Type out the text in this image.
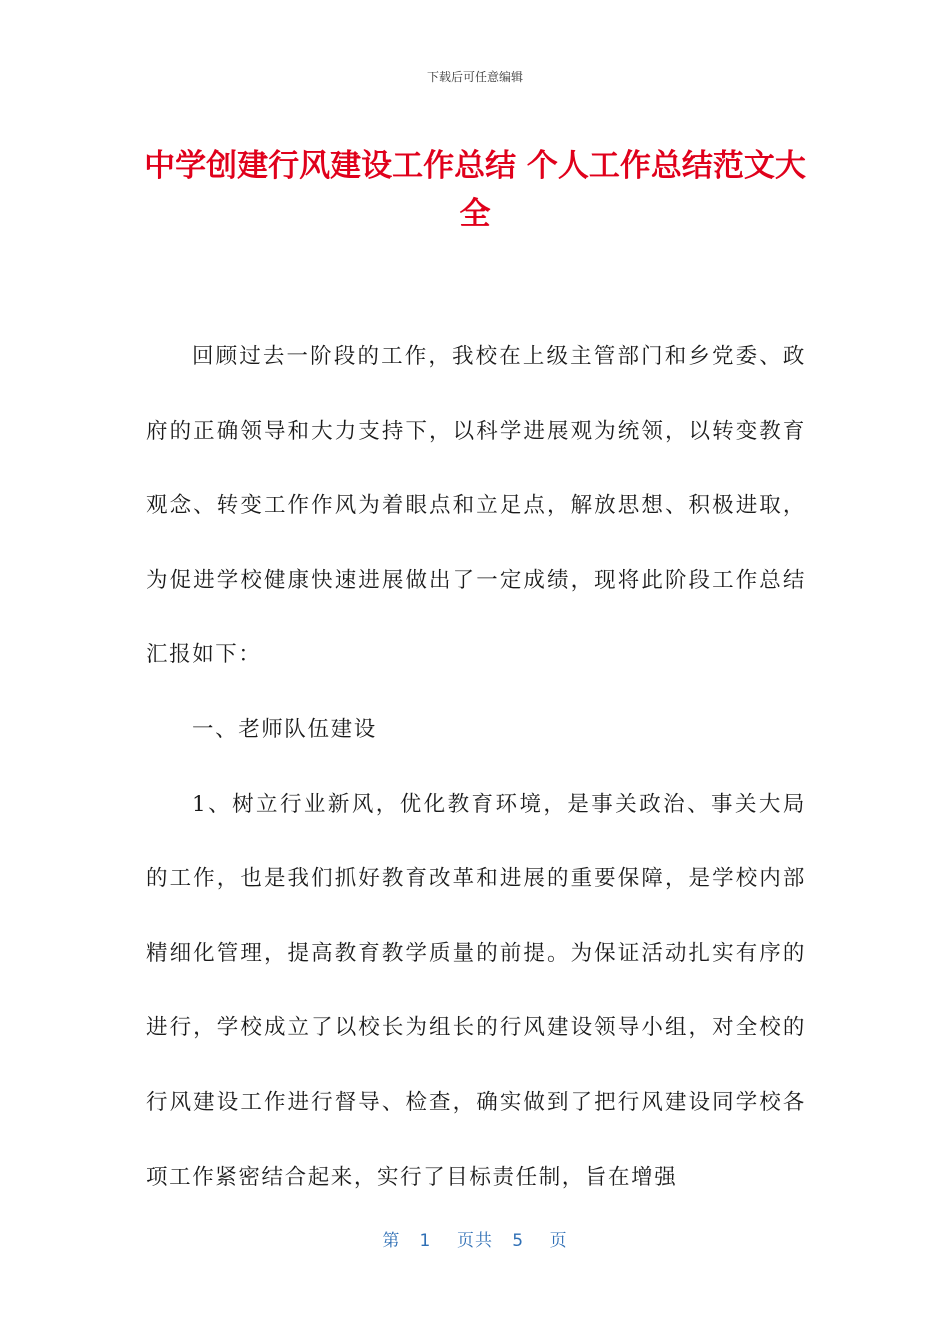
下载后可任意编辑
中学创建行风建设工作总结 个人工作总结范文大全

回顾过去一阶段的工作，我校在上级主管部门和乡党委、政府的正确领导和大力支持下，以科学进展观为统领，以转变教育观念、转变工作作风为着眼点和立足点，解放思想、积极进取，为促进学校健康快速进展做出了一定成绩，现将此阶段工作总结汇报如下：

一、老师队伍建设

1、树立行业新风，优化教育环境，是事关政治、事关大局的工作，也是我们抓好教育改革和进展的重要保障，是学校内部精细化管理，提高教育教学质量的前提。为保证活动扎实有序的进行，学校成立了以校长为组长的行风建设领导小组，对全校的行风建设工作进行督导、检查，确实做到了把行风建设同学校各项工作紧密结合起来，实行了目标责任制，旨在增强

第 1 页共 5 页
